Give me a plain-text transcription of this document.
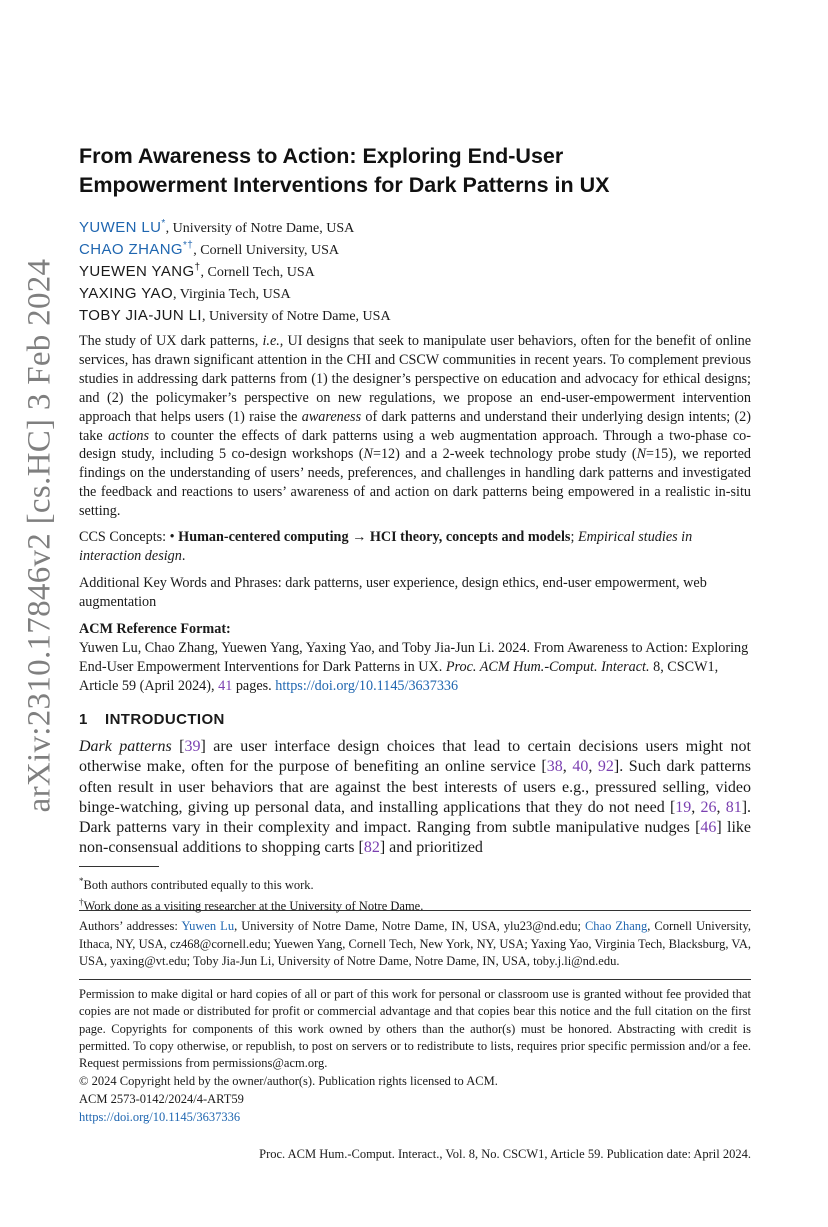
arXiv:2310.17846v2 [cs.HC] 3 Feb 2024
From Awareness to Action: Exploring End-User
Empowerment Interventions for Dark Patterns in UX
YUWEN LU*, University of Notre Dame, USA
CHAO ZHANG*†, Cornell University, USA
YUEWEN YANG†, Cornell Tech, USA
YAXING YAO, Virginia Tech, USA
TOBY JIA-JUN LI, University of Notre Dame, USA

The study of UX dark patterns, i.e., UI designs that seek to manipulate user behaviors, often for the benefit of online services, has drawn significant attention in the CHI and CSCW communities in recent years. To complement previous studies in addressing dark patterns from (1) the designer’s perspective on education and advocacy for ethical designs; and (2) the policymaker’s perspective on new regulations, we propose an end-user-empowerment intervention approach that helps users (1) raise the awareness of dark patterns and understand their underlying design intents; (2) take actions to counter the effects of dark patterns using a web augmentation approach. Through a two-phase co-design study, including 5 co-design workshops (N=12) and a 2-week technology probe study (N=15), we reported findings on the understanding of users’ needs, preferences, and challenges in handling dark patterns and investigated the feedback and reactions to users’ awareness of and action on dark patterns being empowered in a realistic in-situ setting.

CCS Concepts: • Human-centered computing → HCI theory, concepts and models; Empirical studies in interaction design.

Additional Key Words and Phrases: dark patterns, user experience, design ethics, end-user empowerment, web augmentation

ACM Reference Format:

Yuwen Lu, Chao Zhang, Yuewen Yang, Yaxing Yao, and Toby Jia-Jun Li. 2024. From Awareness to Action: Exploring End-User Empowerment Interventions for Dark Patterns in UX. Proc. ACM Hum.-Comput. Interact. 8, CSCW1, Article 59 (April 2024), 41 pages. https://doi.org/10.1145/3637336

1 INTRODUCTION

Dark patterns [39] are user interface design choices that lead to certain decisions users might not otherwise make, often for the purpose of benefiting an online service [38, 40, 92]. Such dark patterns often result in user behaviors that are against the best interests of users e.g., pressured selling, video binge-watching, giving up personal data, and installing applications that they do not need [19, 26, 81]. Dark patterns vary in their complexity and impact. Ranging from subtle manipulative nudges [46] like non-consensual additions to shopping carts [82] and prioritized

*Both authors contributed equally to this work.
†Work done as a visiting researcher at the University of Notre Dame.

Authors’ addresses: Yuwen Lu, University of Notre Dame, Notre Dame, IN, USA, ylu23@nd.edu; Chao Zhang, Cornell University, Ithaca, NY, USA, cz468@cornell.edu; Yuewen Yang, Cornell Tech, New York, NY, USA; Yaxing Yao, Virginia Tech, Blacksburg, VA, USA, yaxing@vt.edu; Toby Jia-Jun Li, University of Notre Dame, Notre Dame, IN, USA, toby.j.li@nd.edu.

Permission to make digital or hard copies of all or part of this work for personal or classroom use is granted without fee provided that copies are not made or distributed for profit or commercial advantage and that copies bear this notice and the full citation on the first page. Copyrights for components of this work owned by others than the author(s) must be honored. Abstracting with credit is permitted. To copy otherwise, or republish, to post on servers or to redistribute to lists, requires prior specific permission and/or a fee. Request permissions from permissions@acm.org.

© 2024 Copyright held by the owner/author(s). Publication rights licensed to ACM.
ACM 2573-0142/2024/4-ART59
https://doi.org/10.1145/3637336
Proc. ACM Hum.-Comput. Interact., Vol. 8, No. CSCW1, Article 59. Publication date: April 2024.
